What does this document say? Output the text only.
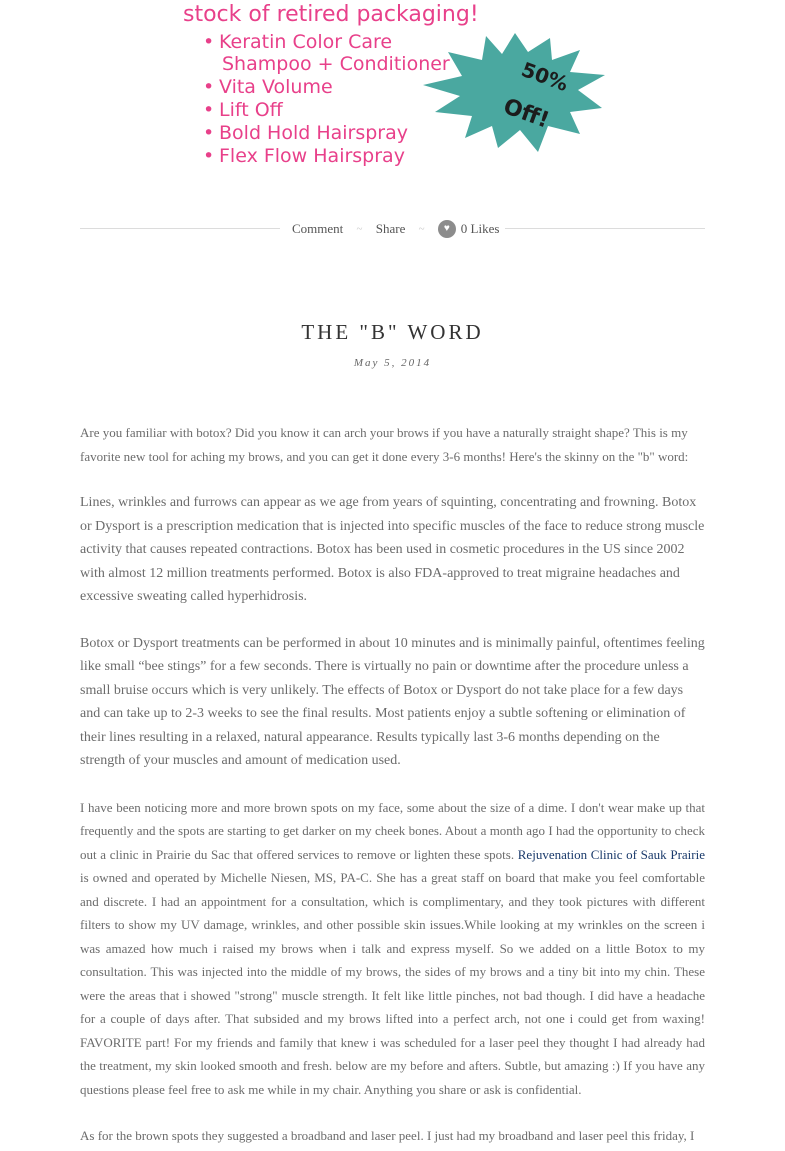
stock of retired packaging!
• Keratin Color Care
Shampoo + Conditioner
• Vita Volume
• Lift Off
• Bold Hold Hairspray
• Flex Flow Hairspray
50%
Off!
Comment ~ Share ~ ♥ 0 Likes
THE "B" WORD
May 5, 2014

Are you familiar with botox? Did you know it can arch your brows if you have a naturally straight shape? This is my favorite new tool for aching my brows, and you can get it done every 3-6 months! Here's the skinny on the "b" word:

Lines, wrinkles and furrows can appear as we age from years of squinting, concentrating and frowning. Botox or Dysport is a prescription medication that is injected into specific muscles of the face to reduce strong muscle activity that causes repeated contractions. Botox has been used in cosmetic procedures in the US since 2002 with almost 12 million treatments performed. Botox is also FDA-approved to treat migraine headaches and excessive sweating called hyperhidrosis.

Botox or Dysport treatments can be performed in about 10 minutes and is minimally painful, oftentimes feeling like small “bee stings” for a few seconds. There is virtually no pain or downtime after the procedure unless a small bruise occurs which is very unlikely. The effects of Botox or Dysport do not take place for a few days and can take up to 2-3 weeks to see the final results. Most patients enjoy a subtle softening or elimination of their lines resulting in a relaxed, natural appearance. Results typically last 3-6 months depending on the strength of your muscles and amount of medication used.

I have been noticing more and more brown spots on my face, some about the size of a dime. I don't wear make up that frequently and the spots are starting to get darker on my cheek bones. About a month ago I had the opportunity to check out a clinic in Prairie du Sac that offered services to remove or lighten these spots. Rejuvenation Clinic of Sauk Prairie is owned and operated by Michelle Niesen, MS, PA-C. She has a great staff on board that make you feel comfortable and discrete. I had an appointment for a consultation, which is complimentary, and they took pictures with different filters to show my UV damage, wrinkles, and other possible skin issues.While looking at my wrinkles on the screen i was amazed how much i raised my brows when i talk and express myself. So we added on a little Botox to my consultation. This was injected into the middle of my brows, the sides of my brows and a tiny bit into my chin. These were the areas that i showed "strong" muscle strength. It felt like little pinches, not bad though. I did have a headache for a couple of days after. That subsided and my brows lifted into a perfect arch, not one i could get from waxing! FAVORITE part! For my friends and family that knew i was scheduled for a laser peel they thought I had already had the treatment, my skin looked smooth and fresh. below are my before and afters. Subtle, but amazing :) If you have any questions please feel free to ask me while in my chair. Anything you share or ask is confidential.

As for the brown spots they suggested a broadband and laser peel. I just had my broadband and laser peel this friday, I
